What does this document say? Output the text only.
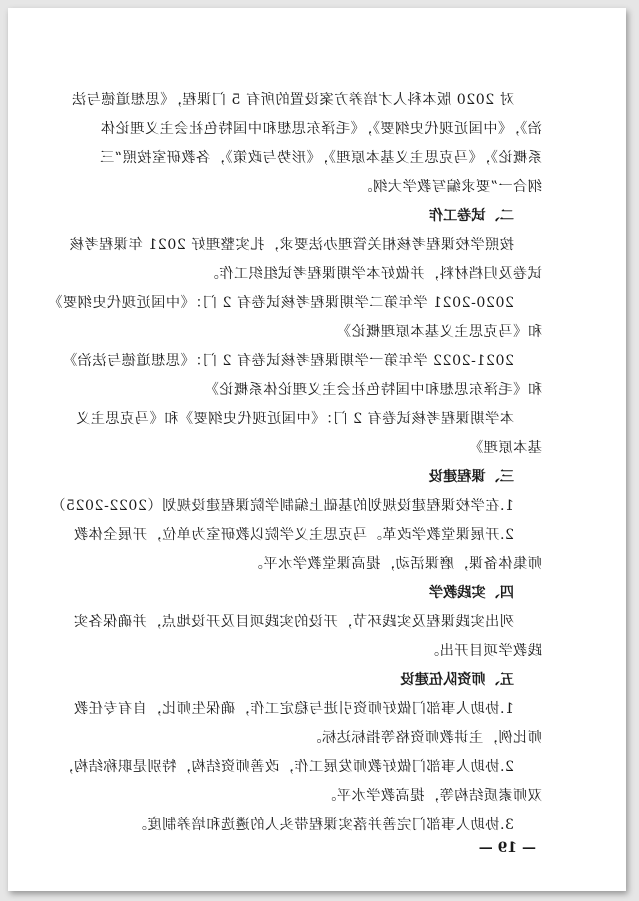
对 2020 版本科人才培养方案设置的所有 5 门课程，《思想道德与法
治》，《中国近现代史纲要》，《毛泽东思想和中国特色社会主义理论体
系概论》，《马克思主义基本原理》，《形势与政策》，各教研室按照“三
纲合一”要求编写教学大纲。
二、试卷工作
按照学校课程考核相关管理办法要求，扎实整理好 2021 年课程考核
试卷及归档材料，并做好本学期课程考试组织工作。
2020-2021 学年第二学期课程考核试卷有 2 门：《中国近现代史纲要》
和《马克思主义基本原理概论》
2021-2022 学年第一学期课程考核试卷有 2 门：《思想道德与法治》
和《毛泽东思想和中国特色社会主义理论体系概论》
本学期课程考核试卷有 2 门：《中国近现代史纲要》和《马克思主义
基本原理》
三、课程建设
1.在学校课程建设规划的基础上编制学院课程建设规划（2022-2025）
2.开展课堂教学改革。马克思主义学院以教研室为单位，开展全体教
师集体备课，磨课活动，提高课堂教学水平。
四、实践教学
列出实践课程及实践环节，开设的实践项目及开设地点，并确保各实
践教学项目开出。
五、师资队伍建设
1.协助人事部门做好师资引进与稳定工作，确保生师比，自有专任教
师比例，主讲教师资格等指标达标。
2.协助人事部门做好教师发展工作，改善师资结构，特别是职称结构，
双师素质结构等，提高教学水平。
3.协助人事部门完善并落实课程带头人的遴选和培养制度。
— 19 —
